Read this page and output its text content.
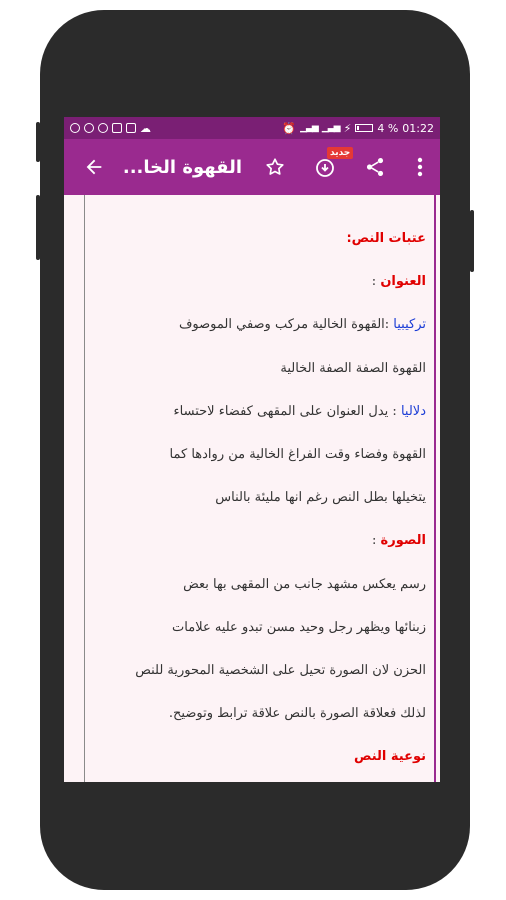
☁	⏰ ▁▃▅ ▁▃▅ ⚡ 4 % 01:22
القهوة الخا...
جديد
عتبات النص:
العنوان :
تركيبيا :القهوة الخالية مركب وصفي الموصوف
القهوة الصفة الصفة الخالية
دلاليا : يدل العنوان على المقهى كفضاء لاحتساء
القهوة وفضاء وقت الفراغ الخالية من روادها كما
يتخيلها بطل النص رغم انها مليئة بالناس
الصورة :
رسم يعكس مشهد جانب من المقهى بها بعض
زبنائها ويظهر رجل وحيد مسن تبدو عليه علامات
الحزن لان الصورة تحيل على الشخصية المحورية للنص
لذلك فعلاقة الصورة بالنص علاقة ترابط وتوضيح.
نوعية النص
